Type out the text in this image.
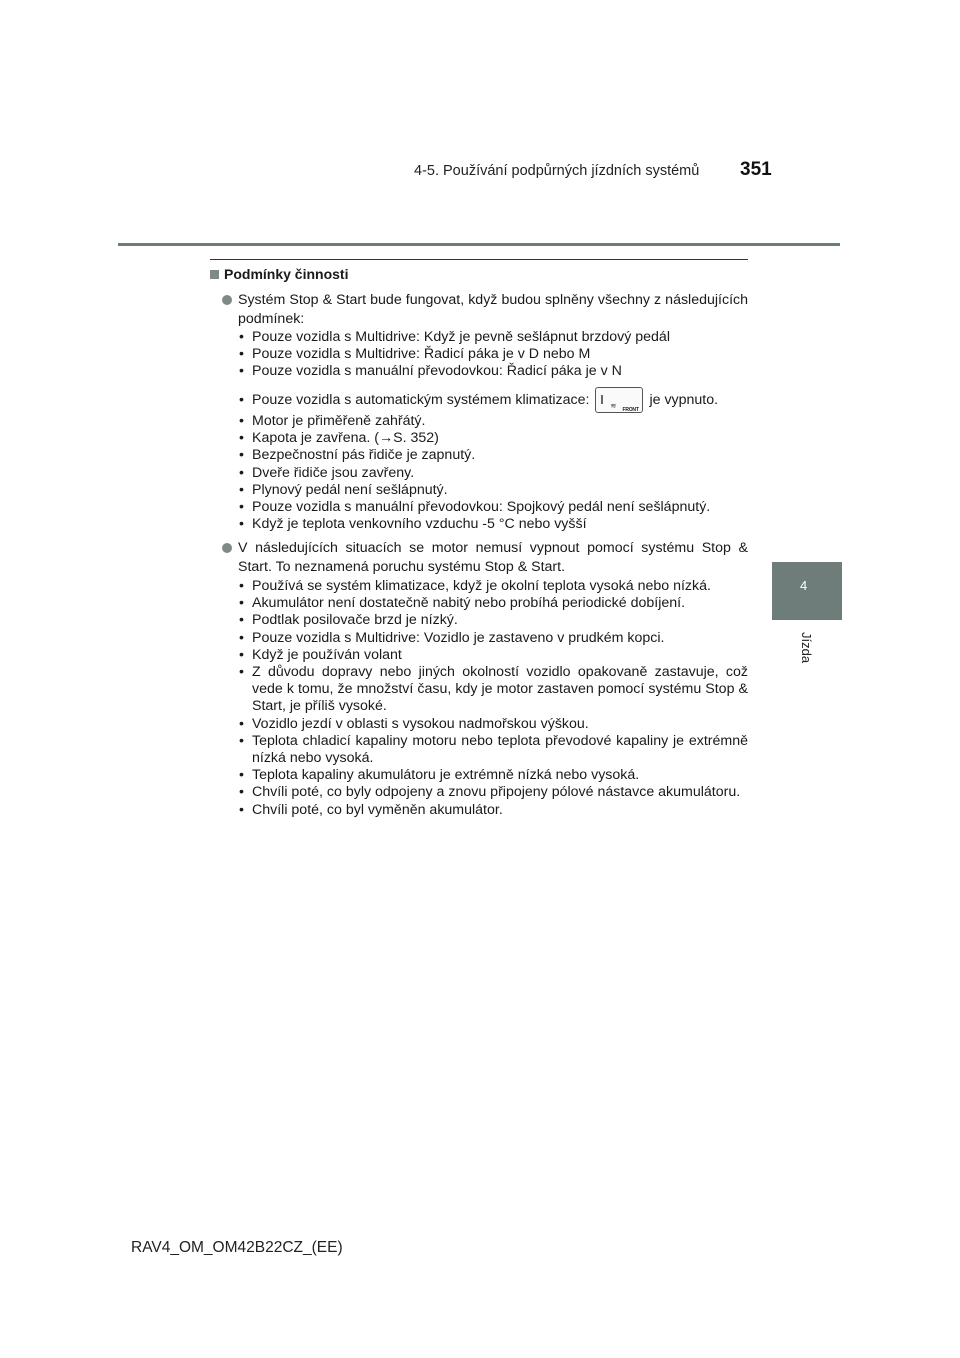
4-5. Používání podpůrných jízdních systémů 351
4
Jízda
Podmínky činnosti
Systém Stop & Start bude fungovat, když budou splněny všechny z následujících podmínek:
• Pouze vozidla s Multidrive: Když je pevně sešlápnut brzdový pedál
• Pouze vozidla s Multidrive: Řadicí páka je v D nebo M
• Pouze vozidla s manuální převodovkou: Řadicí páka je v N
• Pouze vozidla s automatickým systémem klimatizace:	≋ FRONT
je vypnuto.
• Motor je přiměřeně zahřátý.
• Kapota je zavřena. (→S. 352)
• Bezpečnostní pás řidiče je zapnutý.
• Dveře řidiče jsou zavřeny.
• Plynový pedál není sešlápnutý.
• Pouze vozidla s manuální převodovkou: Spojkový pedál není sešlápnutý.
• Když je teplota venkovního vzduchu -5 °C nebo vyšší
V následujících situacích se motor nemusí vypnout pomocí systému Stop & Start. To neznamená poruchu systému Stop & Start.
• Používá se systém klimatizace, když je okolní teplota vysoká nebo nízká.
• Akumulátor není dostatečně nabitý nebo probíhá periodické dobíjení.
• Podtlak posilovače brzd je nízký.
• Pouze vozidla s Multidrive: Vozidlo je zastaveno v prudkém kopci.
• Když je používán volant
• Z důvodu dopravy nebo jiných okolností vozidlo opakovaně zastavuje, což vede k tomu, že množství času, kdy je motor zastaven pomocí systému Stop & Start, je příliš vysoké.
• Vozidlo jezdí v oblasti s vysokou nadmořskou výškou.
• Teplota chladicí kapaliny motoru nebo teplota převodové kapaliny je extrémně nízká nebo vysoká.
• Teplota kapaliny akumulátoru je extrémně nízká nebo vysoká.
• Chvíli poté, co byly odpojeny a znovu připojeny pólové nástavce akumulátoru.
• Chvíli poté, co byl vyměněn akumulátor.
RAV4_OM_OM42B22CZ_(EE)
